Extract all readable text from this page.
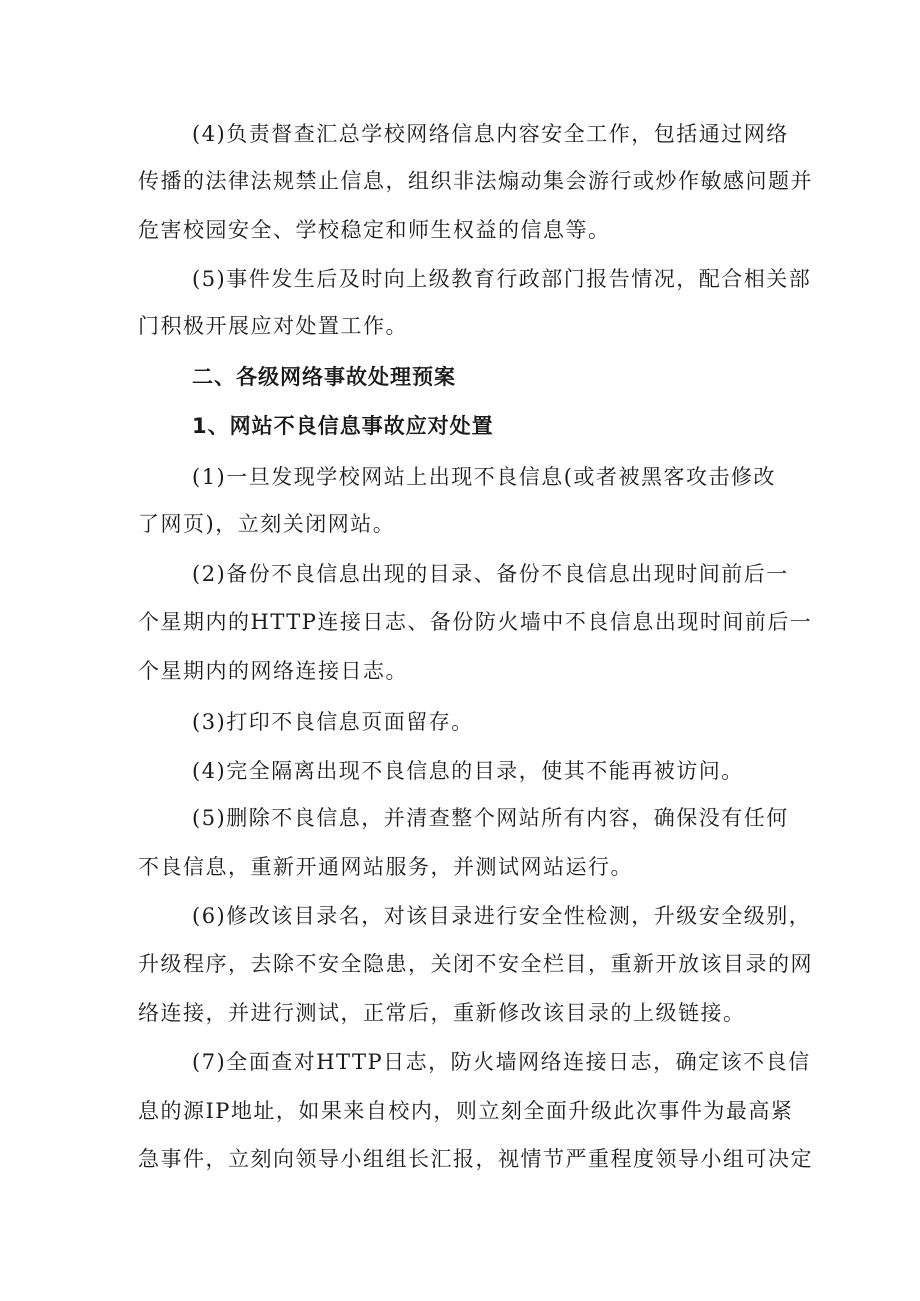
(4)负责督查汇总学校网络信息内容安全工作，包括通过网络
传播的法律法规禁止信息，组织非法煽动集会游行或炒作敏感问题并
危害校园安全、学校稳定和师生权益的信息等。
(5)事件发生后及时向上级教育行政部门报告情况，配合相关部
门积极开展应对处置工作。
二、各级网络事故处理预案
1、网站不良信息事故应对处置
(1)一旦发现学校网站上出现不良信息(或者被黑客攻击修改
了网页)，立刻关闭网站。
(2)备份不良信息出现的目录、备份不良信息出现时间前后一
个星期内的HTTP连接日志、备份防火墙中不良信息出现时间前后一
个星期内的网络连接日志。
(3)打印不良信息页面留存。
(4)完全隔离出现不良信息的目录，使其不能再被访问。
(5)删除不良信息，并清查整个网站所有内容，确保没有任何
不良信息，重新开通网站服务，并测试网站运行。
(6)修改该目录名，对该目录进行安全性检测，升级安全级别，
升级程序，去除不安全隐患，关闭不安全栏目，重新开放该目录的网
络连接，并进行测试，正常后，重新修改该目录的上级链接。
(7)全面查对HTTP日志，防火墙网络连接日志，确定该不良信
息的源IP地址，如果来自校内，则立刻全面升级此次事件为最高紧
急事件，立刻向领导小组组长汇报，视情节严重程度领导小组可决定
